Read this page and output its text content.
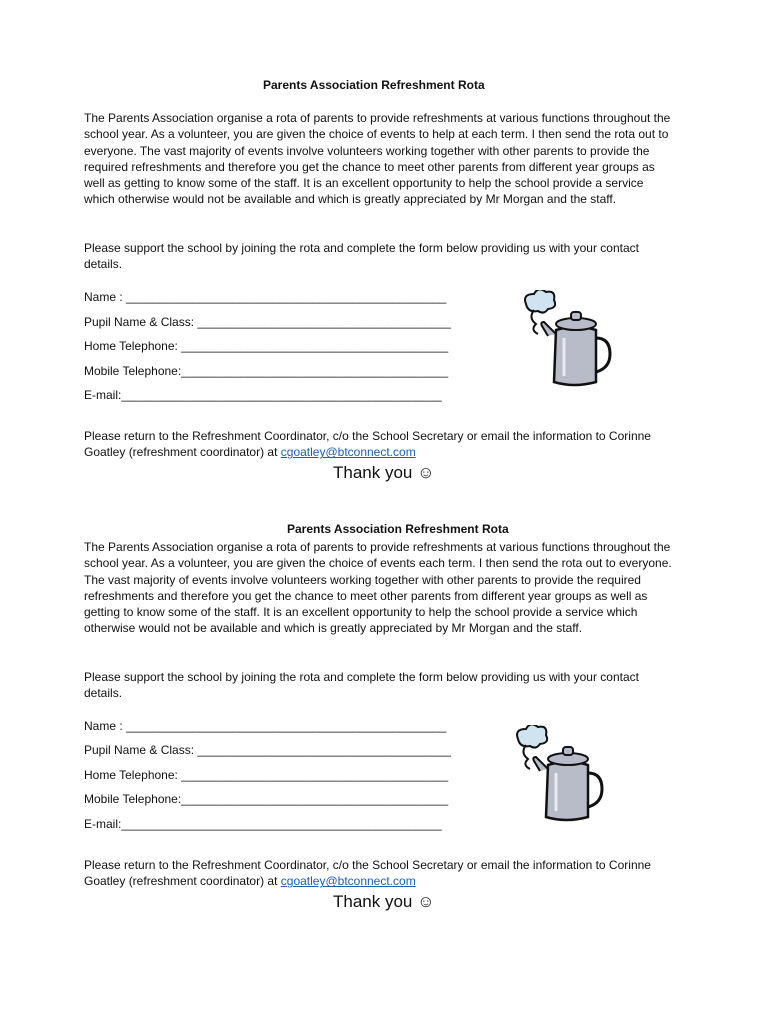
Parents Association Refreshment Rota

The Parents Association organise a rota of parents to provide refreshments at various functions throughout the school year. As a volunteer, you are given the choice of events to help at each term. I then send the rota out to everyone. The vast majority of events involve volunteers working together with other parents to provide the required refreshments and therefore you get the chance to meet other parents from different year groups as well as getting to know some of the staff. It is an excellent opportunity to help the school provide a service which otherwise would not be available and which is greatly appreciated by Mr Morgan and the staff.

Please support the school by joining the rota and complete the form below providing us with your contact details.

Name : ________________________________________________
Pupil Name & Class: ______________________________________
Home Telephone: ________________________________________
Mobile Telephone:________________________________________
E-mail:________________________________________________

Please return to the Refreshment Coordinator, c/o the School Secretary or email the information to Corinne Goatley (refreshment coordinator) at cgoatley@btconnect.com

Thank you ☺
Parents Association Refreshment Rota

The Parents Association organise a rota of parents to provide refreshments at various functions throughout the school year. As a volunteer, you are given the choice of events each term. I then send the rota out to everyone. The vast majority of events involve volunteers working together with other parents to provide the required refreshments and therefore you get the chance to meet other parents from different year groups as well as getting to know some of the staff. It is an excellent opportunity to help the school provide a service which otherwise would not be available and which is greatly appreciated by Mr Morgan and the staff.

Please support the school by joining the rota and complete the form below providing us with your contact details.

Name : ________________________________________________
Pupil Name & Class: ______________________________________
Home Telephone: ________________________________________
Mobile Telephone:________________________________________
E-mail:________________________________________________

Please return to the Refreshment Coordinator, c/o the School Secretary or email the information to Corinne Goatley (refreshment coordinator) at cgoatley@btconnect.com

Thank you ☺
